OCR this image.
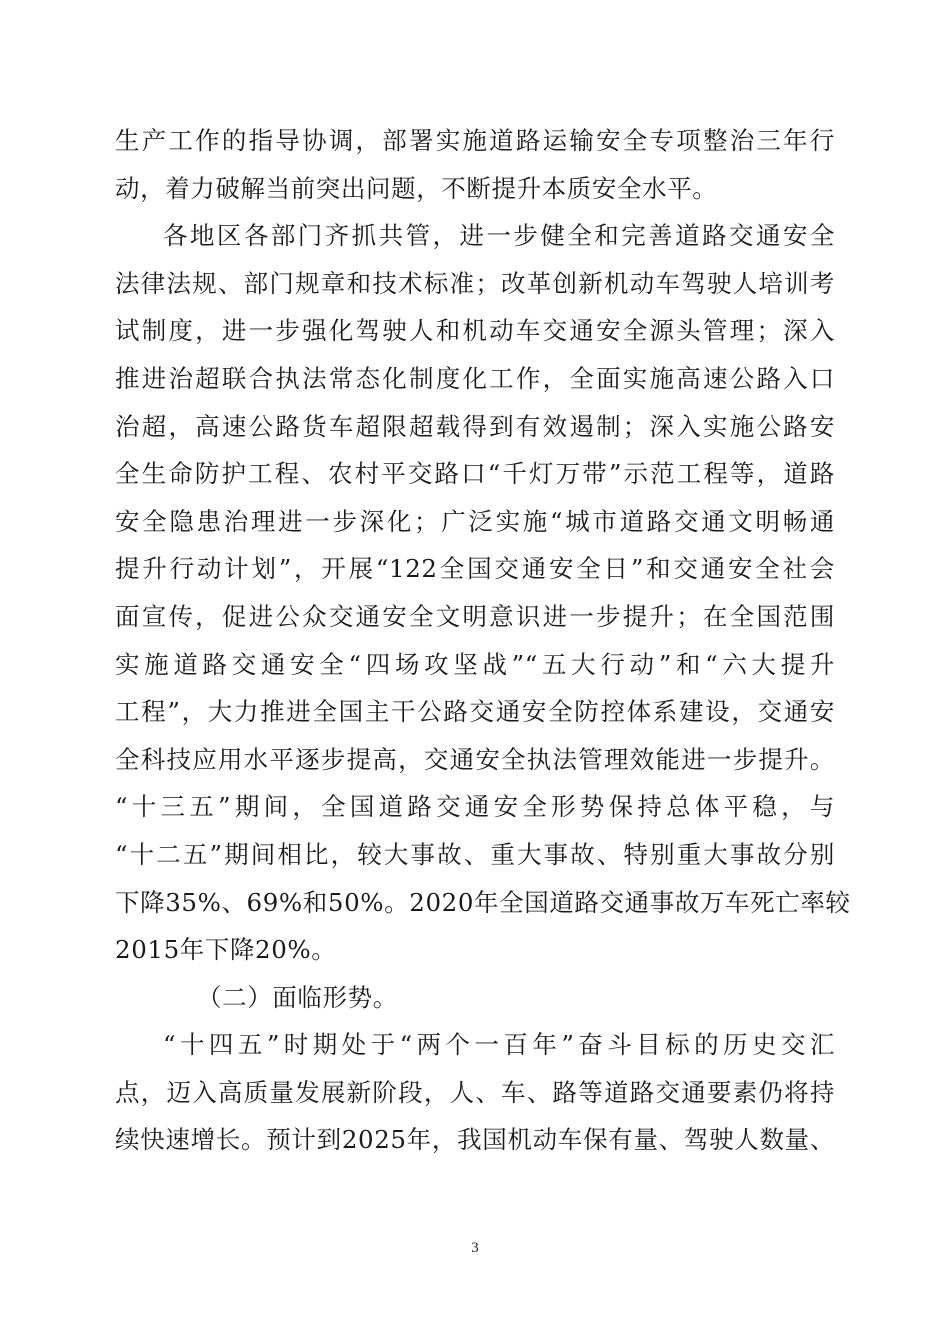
生产工作的指导协调，部署实施道路运输安全专项整治三年行
动，着力破解当前突出问题，不断提升本质安全水平。
各地区各部门齐抓共管，进一步健全和完善道路交通安全
法律法规、部门规章和技术标准；改革创新机动车驾驶人培训考
试制度，进一步强化驾驶人和机动车交通安全源头管理；深入
推进治超联合执法常态化制度化工作，全面实施高速公路入口
治超，高速公路货车超限超载得到有效遏制；深入实施公路安
全生命防护工程、农村平交路口“千灯万带”示范工程等，道路
安全隐患治理进一步深化；广泛实施“城市道路交通文明畅通
提升行动计划”，开展“122全国交通安全日”和交通安全社会
面宣传，促进公众交通安全文明意识进一步提升；在全国范围
实施道路交通安全“四场攻坚战”“五大行动”和“六大提升
工程”，大力推进全国主干公路交通安全防控体系建设，交通安
全科技应用水平逐步提高，交通安全执法管理效能进一步提升。
“十三五”期间，全国道路交通安全形势保持总体平稳，与
“十二五”期间相比，较大事故、重大事故、特别重大事故分别
下降35%、69%和50%。2020年全国道路交通事故万车死亡率较
2015年下降20%。
（二）面临形势。
“十四五”时期处于“两个一百年”奋斗目标的历史交汇
点，迈入高质量发展新阶段，人、车、路等道路交通要素仍将持
续快速增长。预计到2025年，我国机动车保有量、驾驶人数量、
3
